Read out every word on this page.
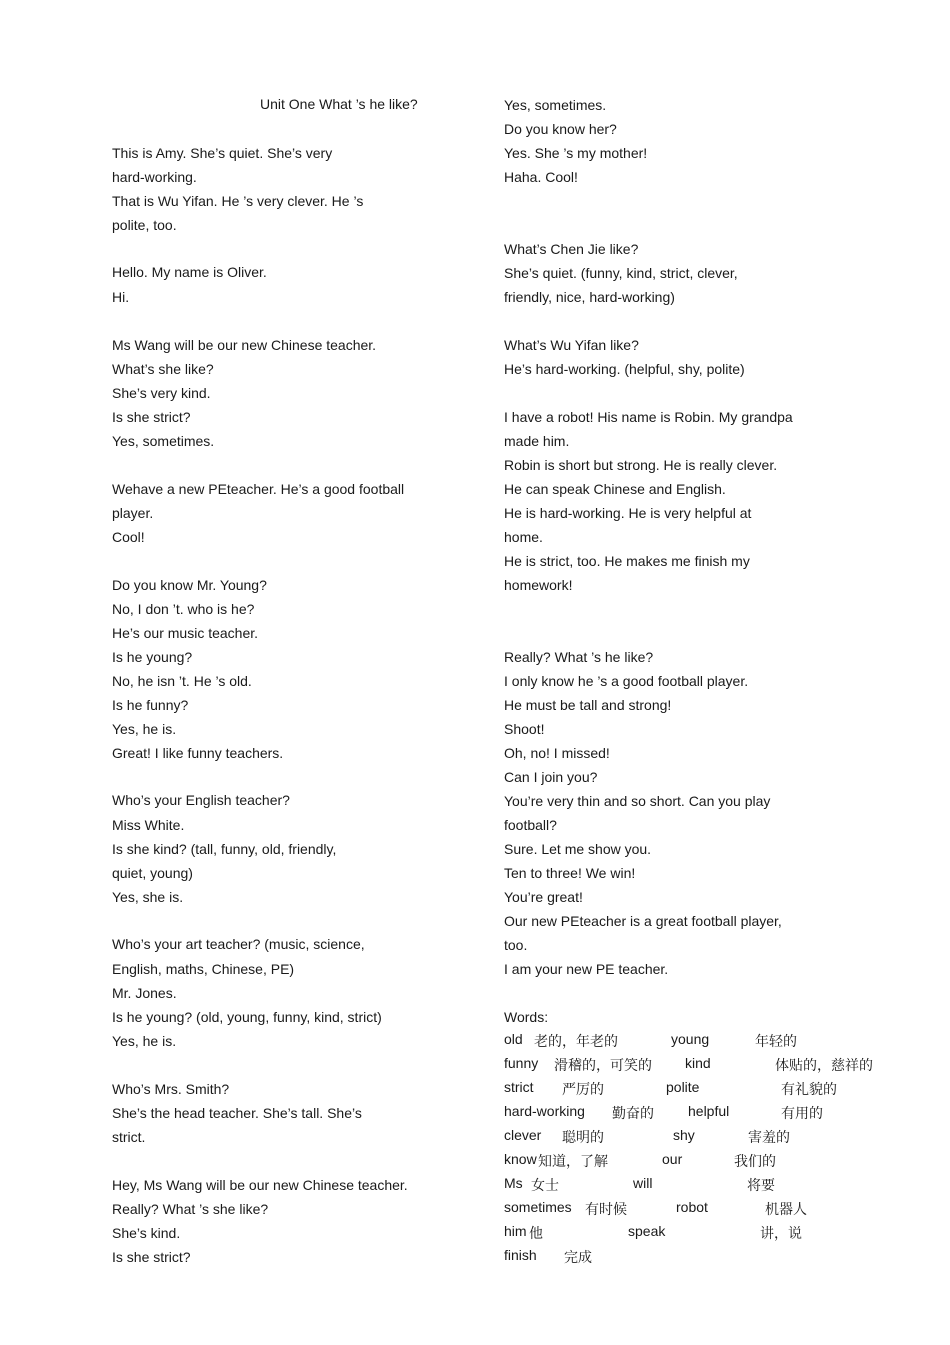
Unit One What ’s he like?
This is Amy. She’s quiet. She’s very
hard-working.
That is Wu Yifan. He ’s very clever. He ’s
polite, too.
Hello. My name is Oliver.
Hi.
Ms Wang will be our new Chinese teacher.
What’s she like?
She’s very kind.
Is she strict?
Yes, sometimes.
Wehave a new PEteacher. He’s a good football
player.
Cool!
Do you know Mr. Young?
No, I don ’t. who is he?
He’s our music teacher.
Is he young?
No, he isn ’t. He ’s old.
Is he funny?
Yes, he is.
Great! I like funny teachers.
Who’s your English teacher?
Miss White.
Is she kind? (tall, funny, old, friendly,
quiet, young)
Yes, she is.
Who’s your art teacher? (music, science,
English, maths, Chinese, PE)
Mr. Jones.
Is he young? (old, young, funny, kind, strict)
Yes, he is.
Who’s Mrs. Smith?
She’s the head teacher. She’s tall. She’s
strict.
Hey, Ms Wang will be our new Chinese teacher.
Really? What ’s she like?
She’s kind.
Is she strict?
old 老的，年老的	young	年轻的
funny 滑稽的，可笑的 kind	体贴的，慈祥的
strict 严厉的	polite	有礼貌的
hard-working 勤奋的 helpful	有用的
clever 聪明的	shy	害羞的
know 知道，了解	our	我们的
Ms 女士	will	将要
sometimes 有时候	robot	机器人
him 他	speak	讲，说
finish 完成
Yes, sometimes.
Do you know her?
Yes. She ’s my mother!
Haha. Cool!
What’s Chen Jie like?
She’s quiet. (funny, kind, strict, clever,
friendly, nice, hard-working)
What’s Wu Yifan like?
He’s hard-working. (helpful, shy, polite)
I have a robot! His name is Robin. My grandpa
made him.
Robin is short but strong. He is really clever.
He can speak Chinese and English.
He is hard-working. He is very helpful at
home.
He is strict, too. He makes me finish my
homework!
Really? What ’s he like?
I only know he ’s a good football player.
He must be tall and strong!
Shoot!
Oh, no! I missed!
Can I join you?
You’re very thin and so short. Can you play
football?
Sure. Let me show you.
Ten to three! We win!
You’re great!
Our new PEteacher is a great football player,
too.
I am your new PE teacher.
Words:
